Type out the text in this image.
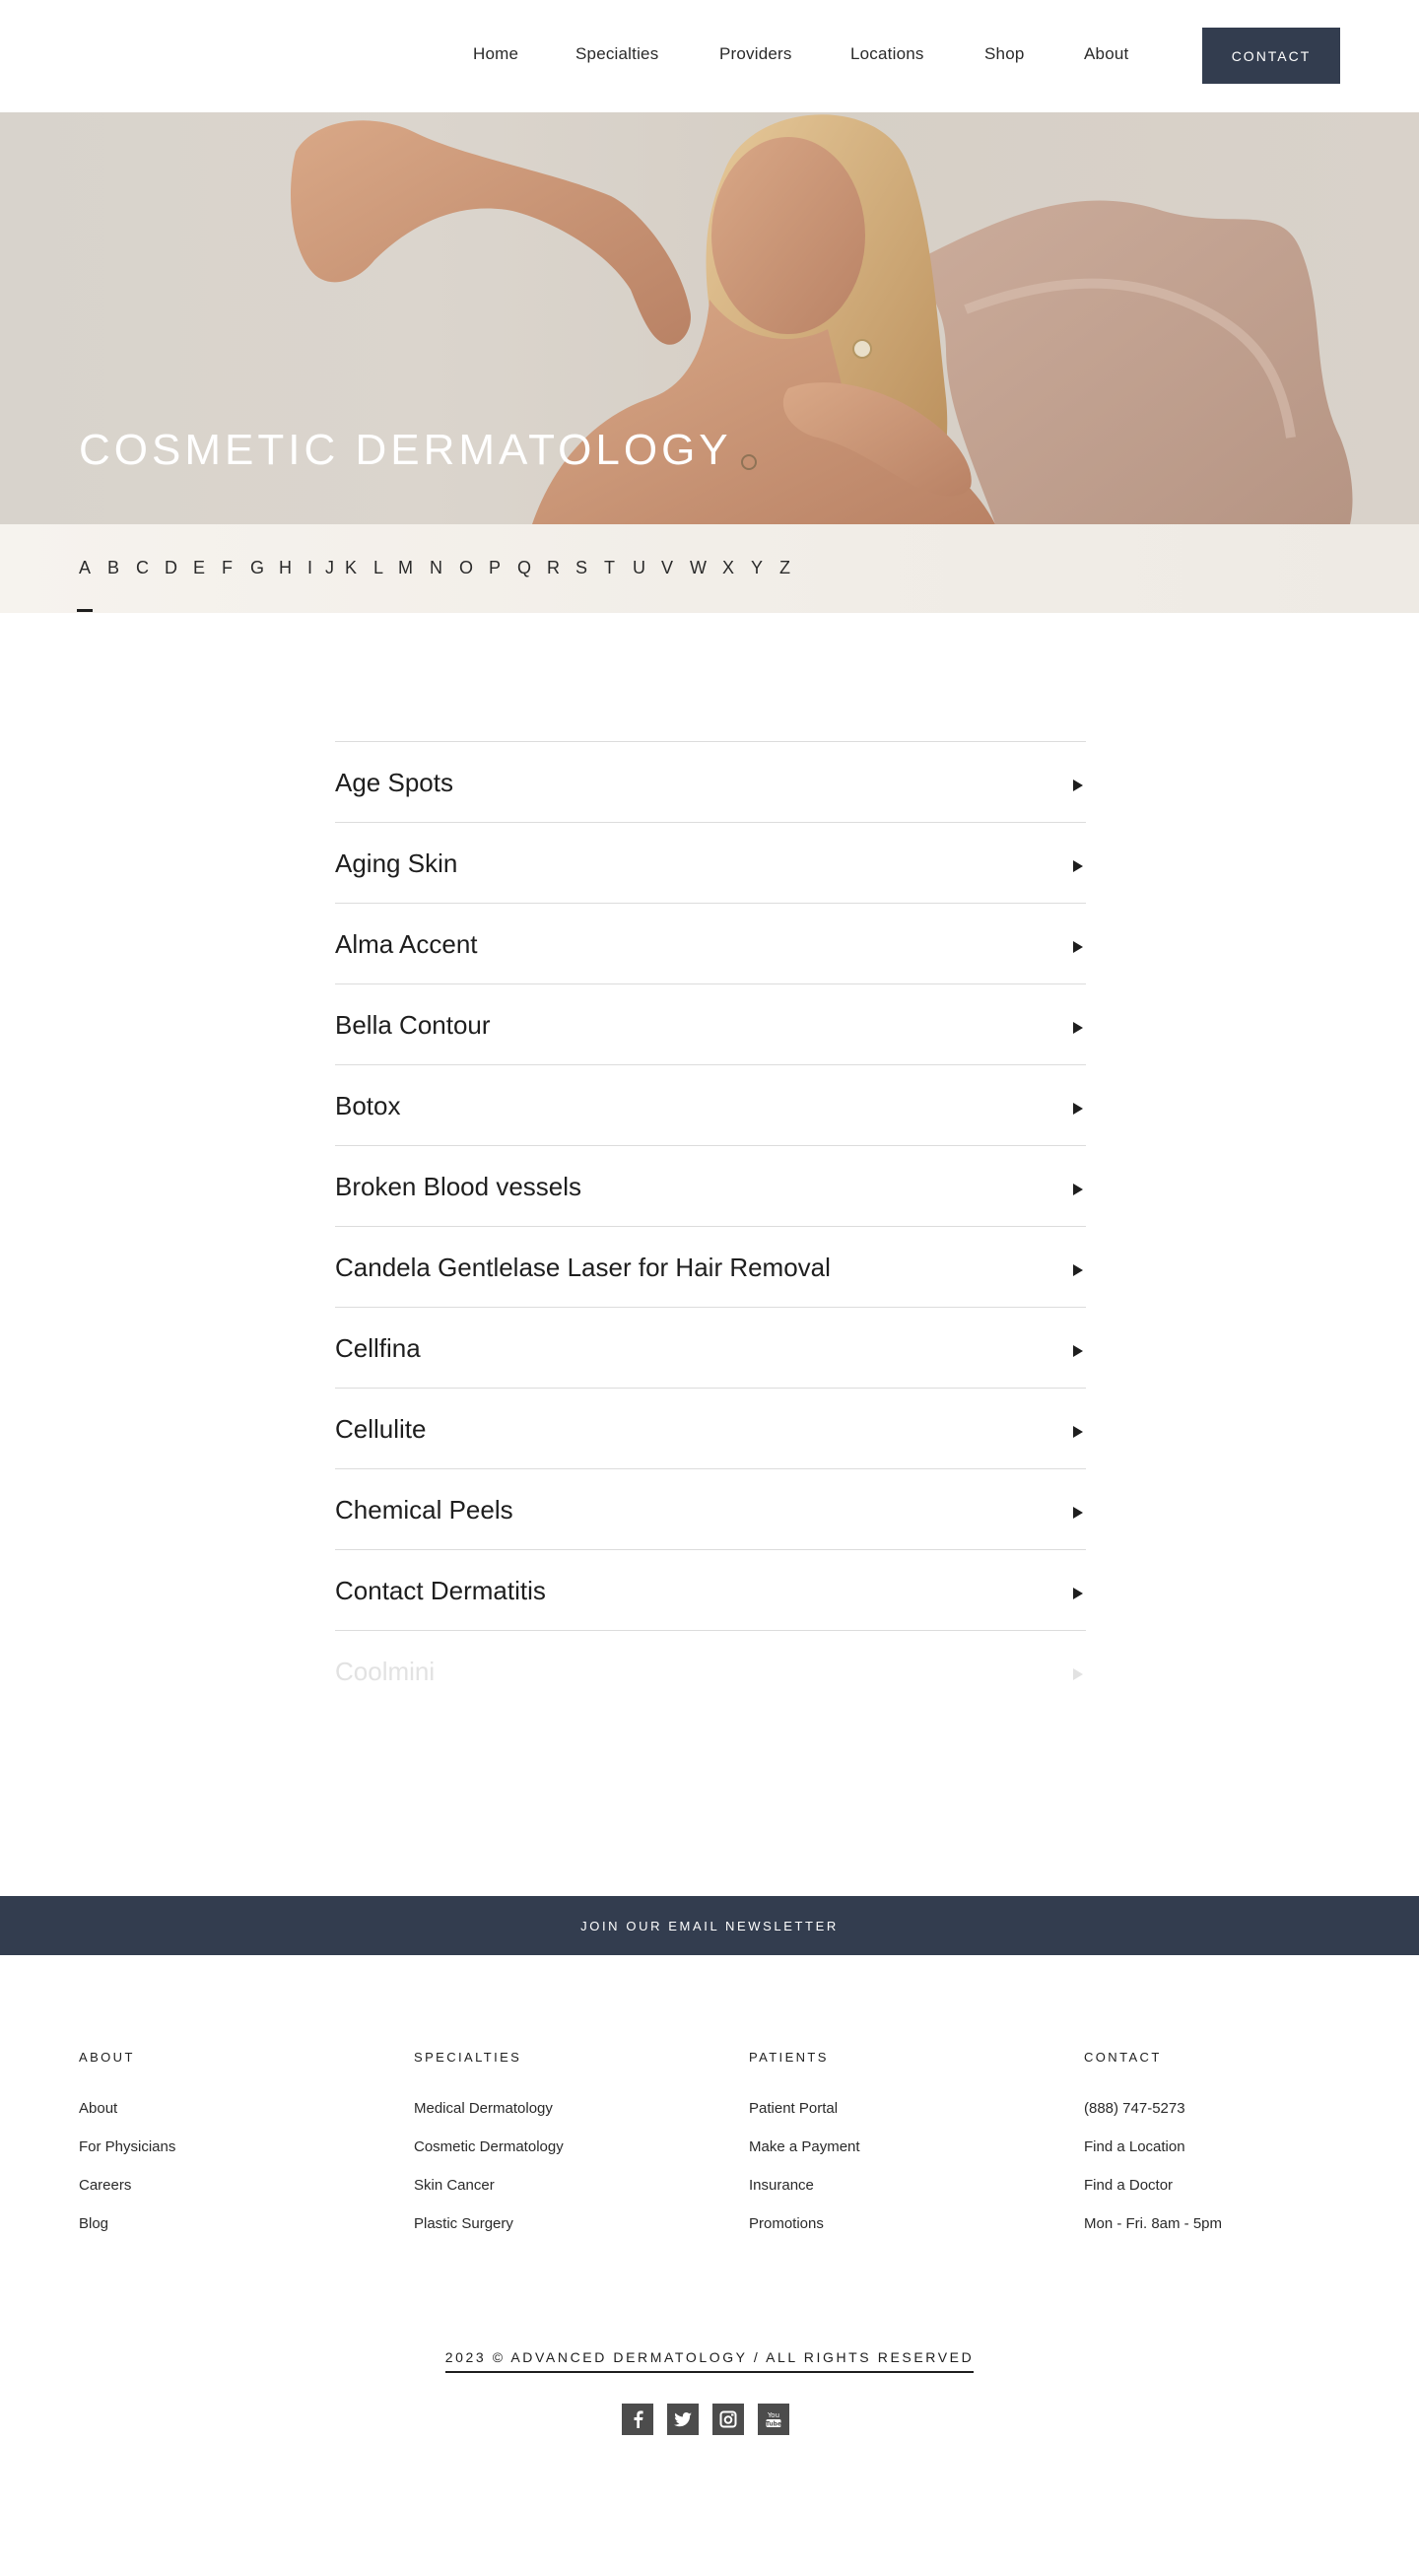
Home	Specialties	Providers	Locations	Shop	About	CONTACT
COSMETIC DERMATOLOGY
A B C D E F	G H I J K L M N O P Q R S T	U V W X Y Z
Age Spots
Aging Skin
Alma Accent
Bella Contour
Botox
Broken Blood vessels
Candela Gentlelase Laser for Hair Removal
Cellfina
Cellulite
Chemical Peels
Contact Dermatitis
Coolmini
JOIN OUR EMAIL NEWSLETTER
ABOUT
About
For Physicians
Careers
Blog
SPECIALTIES
Medical Dermatology
Cosmetic Dermatology
Skin Cancer
Plastic Surgery
PATIENTS
Patient Portal
Make a Payment
Insurance
Promotions
CONTACT
(888) 747-5273
Find a Location
Find a Doctor
Mon - Fri. 8am - 5pm
2023 © ADVANCED DERMATOLOGY / ALL RIGHTS RESERVED
You
Tube
